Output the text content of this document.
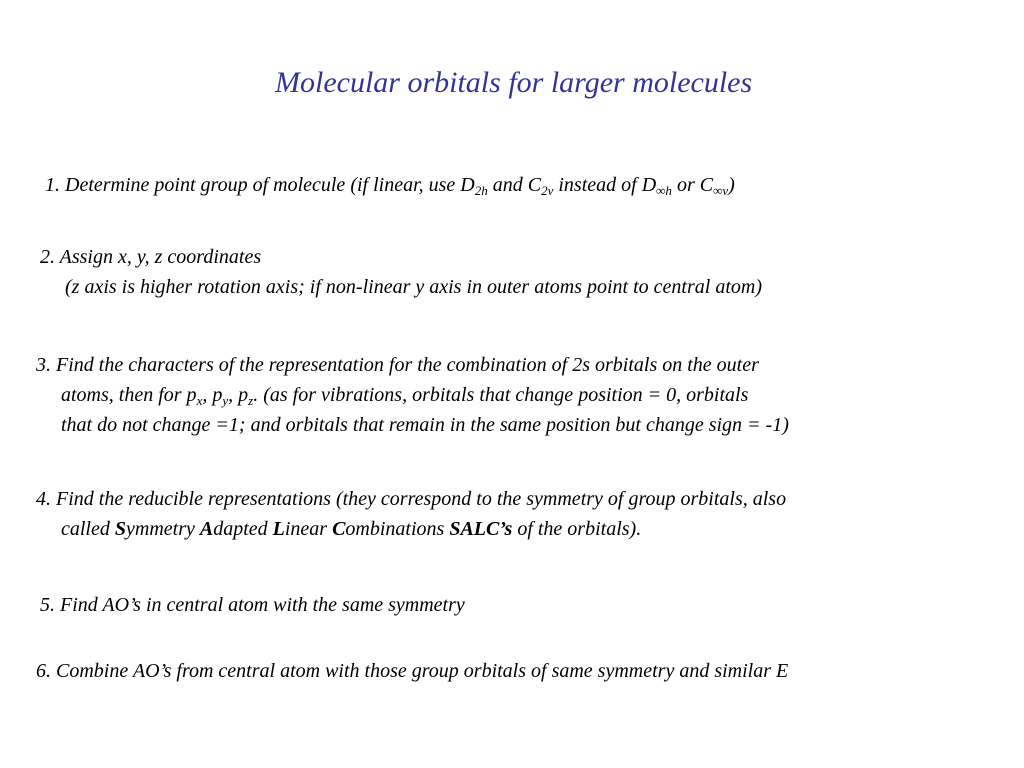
Molecular orbitals for larger molecules
1. Determine point group of molecule (if linear, use $D_{2h}$ and $C_{2v}$ instead of $D_{\infty h}$ or $C_{\infty v}$)
2. Assign x, y, z coordinates
(z axis is higher rotation axis; if non-linear y axis in outer atoms point to central atom)
3. Find the characters of the representation for the combination of 2s orbitals on the outer
atoms, then for $p_x$, $p_y$, $p_z$. (as for vibrations, orbitals that change position = 0, orbitals
that do not change =1; and orbitals that remain in the same position but change sign = -1)
4. Find the reducible representations (they correspond to the symmetry of group orbitals, also
called Symmetry Adapted Linear Combinations SALC’s of the orbitals).
5. Find AO’s in central atom with the same symmetry
6. Combine AO’s from central atom with those group orbitals of same symmetry and similar E
